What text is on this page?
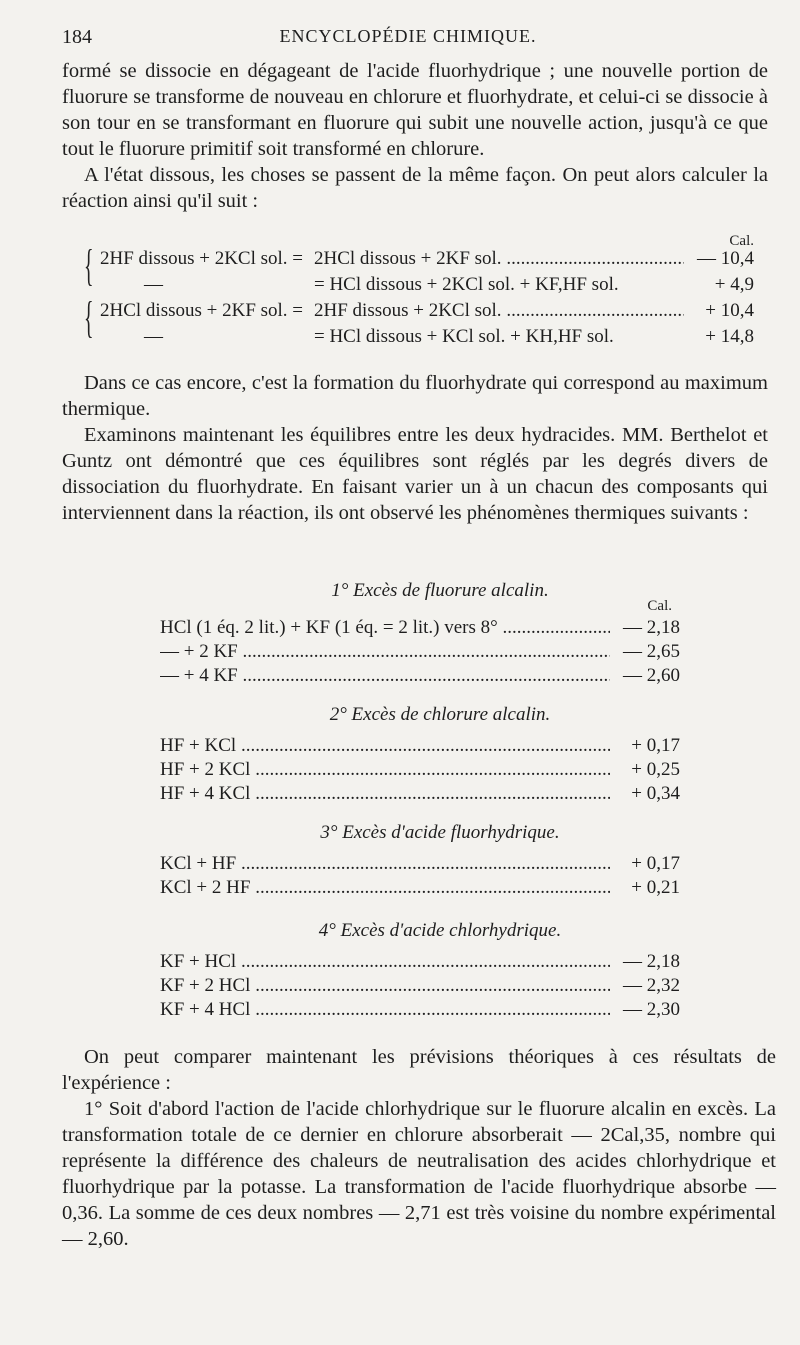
184	ENCYCLOPÉDIE CHIMIQUE.

formé se dissocie en dégageant de l'acide fluorhydrique ; une nouvelle portion de fluorure se transforme de nouveau en chlorure et fluorhydrate, et celui-ci se dissocie à son tour en se transformant en fluorure qui subit une nouvelle action, jusqu'à ce que tout le fluorure primitif soit transformé en chlorure.

A l'état dissous, les choses se passent de la même façon. On peut alors calculer la réaction ainsi qu'il suit :

Cal.
{
{
2HF dissous + 2KCl sol. = 2HCl dissous + 2KF sol. .....	— 10,4
—	= HCl dissous + 2KCl sol. + KF,HF sol.	+ 4,9
2HCl dissous + 2KF sol. = 2HF dissous + 2KCl sol. .....	+ 10,4
—	= HCl dissous + KCl sol. + KH,HF sol.	+ 14,8

Dans ce cas encore, c'est la formation du fluorhydrate qui correspond au maximum thermique.

Examinons maintenant les équilibres entre les deux hydracides. MM. Berthelot et Guntz ont démontré que ces équilibres sont réglés par les degrés divers de dissociation du fluorhydrate. En faisant varier un à un chacun des composants qui interviennent dans la réaction, ils ont observé les phénomènes thermiques suivants :

1° Excès de fluorure alcalin.
Cal.
HCl (1 éq. 2 lit.) + KF (1 éq. = 2 lit.) vers 8° .....	— 2,18
— + 2 KF .....	— 2,65
— + 4 KF .....	— 2,60
2° Excès de chlorure alcalin.
HF + KCl .....	+ 0,17
HF + 2 KCl .....	+ 0,25
HF + 4 KCl .....	+ 0,34
3° Excès d'acide fluorhydrique.
KCl + HF .....	+ 0,17
KCl + 2 HF .....	+ 0,21
4° Excès d'acide chlorhydrique.
KF + HCl .....	— 2,18
KF + 2 HCl .....	— 2,32
KF + 4 HCl .....	— 2,30

On peut comparer maintenant les prévisions théoriques à ces résultats de l'expérience :

1° Soit d'abord l'action de l'acide chlorhydrique sur le fluorure alcalin en excès. La transformation totale de ce dernier en chlorure absorberait — 2Cal,35, nombre qui représente la différence des chaleurs de neutralisation des acides chlorhydrique et fluorhydrique par la potasse. La transformation de l'acide fluorhydrique absorbe — 0,36. La somme de ces deux nombres — 2,71 est très voisine du nombre expérimental — 2,60.
